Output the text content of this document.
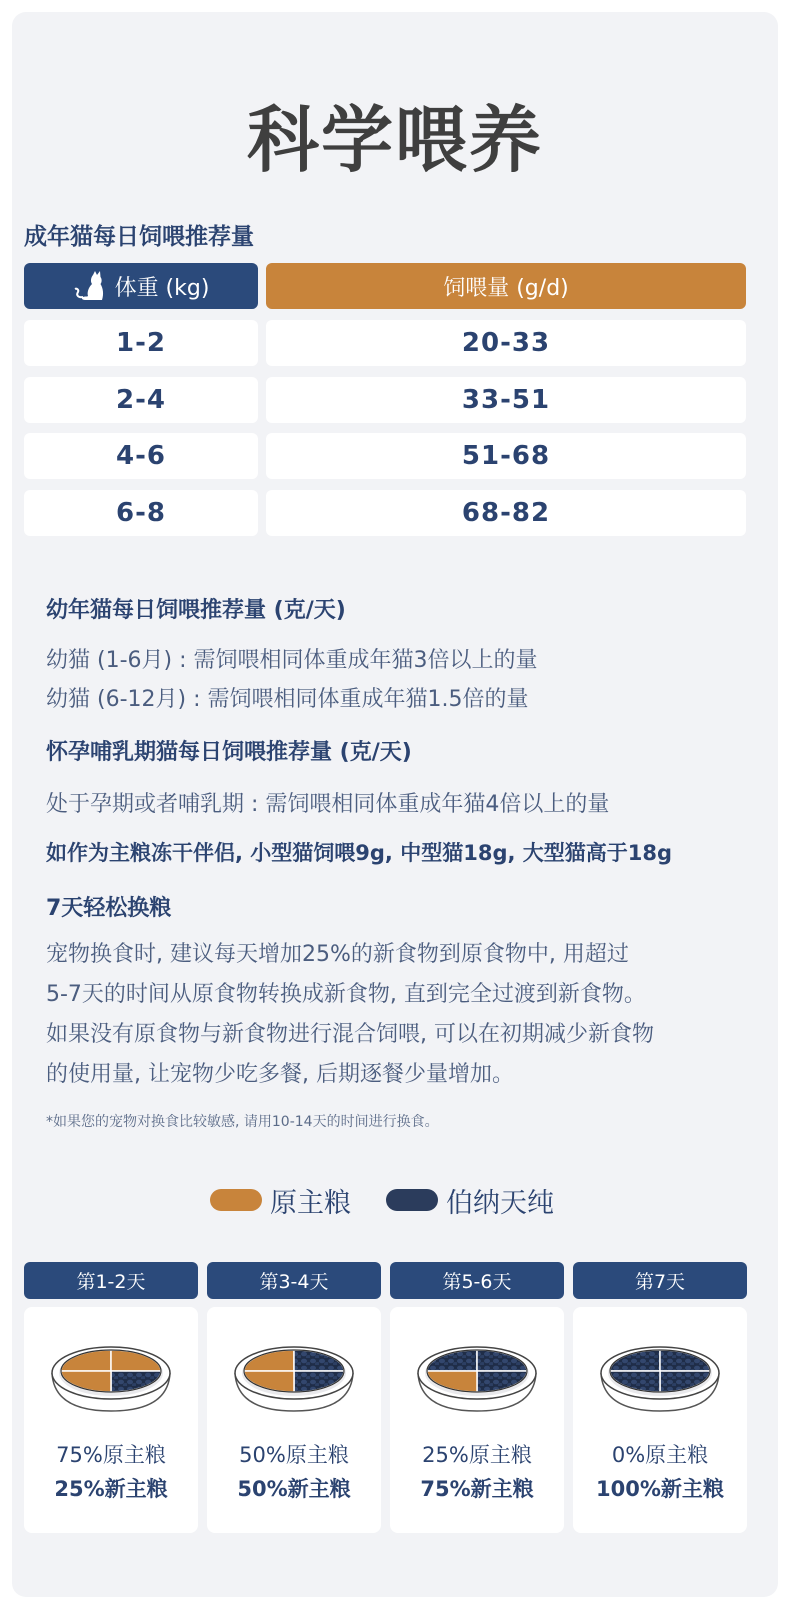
科学喂养
成年猫每日饲喂推荐量
体重 (kg)	饲喂量 (g/d)
1-2	20-33
2-4	33-51
4-6	51-68
6-8	68-82
幼年猫每日饲喂推荐量 (克/天)
幼猫 (1-6月) : 需饲喂相同体重成年猫3倍以上的量
幼猫 (6-12月) : 需饲喂相同体重成年猫1.5倍的量
怀孕哺乳期猫每日饲喂推荐量 (克/天)
处于孕期或者哺乳期 : 需饲喂相同体重成年猫4倍以上的量
如作为主粮冻干伴侣, 小型猫饲喂9g, 中型猫18g, 大型猫高于18g
7天轻松换粮
宠物换食时, 建议每天增加25%的新食物到原食物中, 用超过
5-7天的时间从原食物转换成新食物, 直到完全过渡到新食物。
如果没有原食物与新食物进行混合饲喂, 可以在初期减少新食物
的使用量, 让宠物少吃多餐, 后期逐餐少量增加。
*如果您的宠物对换食比较敏感, 请用10-14天的时间进行换食。
原主粮	伯纳天纯
第1-2天	第3-4天	第5-6天	第7天
75%原主粮
25%新主粮
50%原主粮
50%新主粮
25%原主粮
75%新主粮
0%原主粮
100%新主粮
